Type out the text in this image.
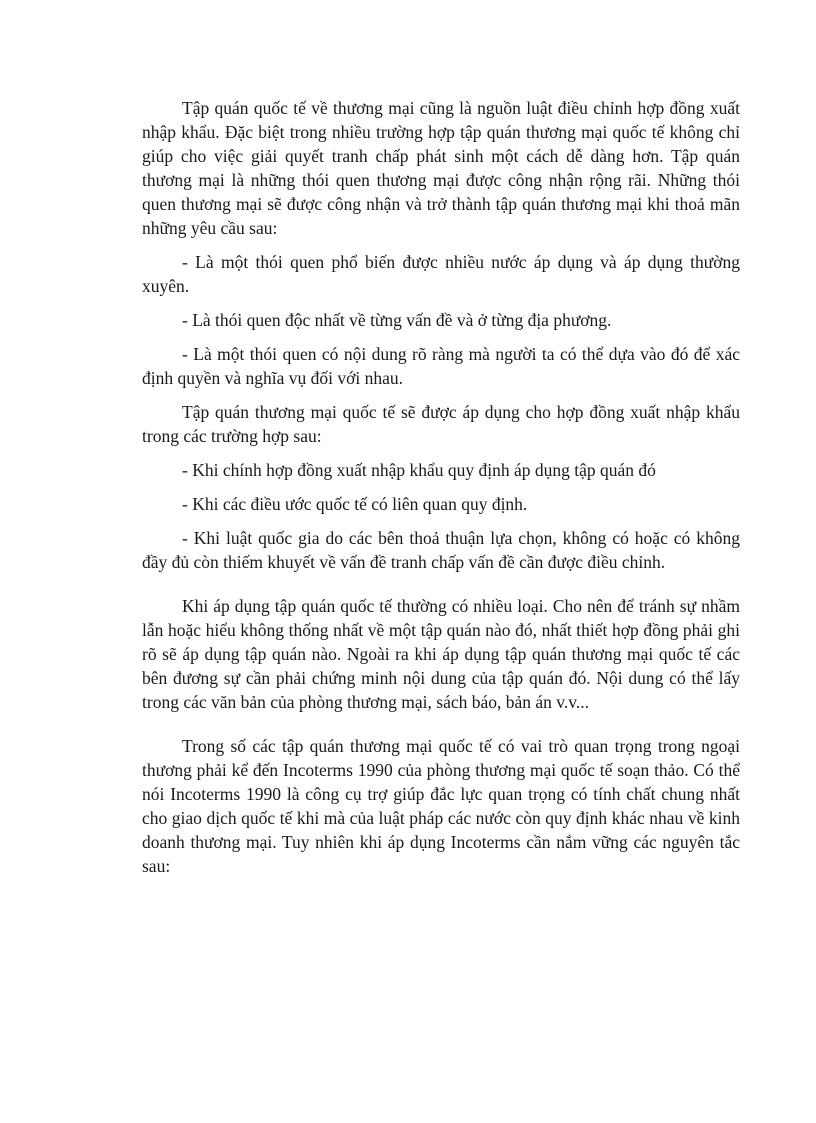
Tập quán quốc tế về thương mại cũng là nguồn luật điều chỉnh hợp đồng xuất nhập khẩu. Đặc biệt trong nhiều trường hợp tập quán thương mại quốc tế không chỉ giúp cho việc giải quyết tranh chấp phát sinh một cách dễ dàng hơn. Tập quán thương mại là những thói quen thương mại được công nhận rộng rãi. Những thói quen thương mại sẽ được công nhận và trở thành tập quán thương mại khi thoả mãn những yêu cầu sau:

- Là một thói quen phổ biến được nhiều nước áp dụng và áp dụng thường xuyên.

- Là thói quen độc nhất về từng vấn đề và ở từng địa phương.

- Là một thói quen có nội dung rõ ràng mà người ta có thể dựa vào đó để xác định quyền và nghĩa vụ đối với nhau.

Tập quán thương mại quốc tế sẽ được áp dụng cho hợp đồng xuất nhập khẩu trong các trường hợp sau:

- Khi chính hợp đồng xuất nhập khẩu quy định áp dụng tập quán đó

- Khi các điều ước quốc tế có liên quan quy định.

- Khi luật quốc gia do các bên thoả thuận lựa chọn, không có hoặc có không đầy đủ còn thiếm khuyết về vấn đề tranh chấp vấn đề cần được điều chỉnh.

Khi áp dụng tập quán quốc tế thường có nhiều loại. Cho nên để tránh sự nhầm lẫn hoặc hiểu không thống nhất về một tập quán nào đó, nhất thiết hợp đồng phải ghi rõ sẽ áp dụng tập quán nào. Ngoài ra khi áp dụng tập quán thương mại quốc tế các bên đương sự cần phải chứng minh nội dung của tập quán đó. Nội dung có thể lấy trong các văn bản của phòng thương mại, sách báo, bản án v.v...

Trong số các tập quán thương mại quốc tế có vai trò quan trọng trong ngoại thương phải kể đến Incoterms 1990 của phòng thương mại quốc tế soạn thảo. Có thể nói Incoterms 1990 là công cụ trợ giúp đắc lực quan trọng có tính chất chung nhất cho giao dịch quốc tế khi mà của luật pháp các nước còn quy định khác nhau về kinh doanh thương mại. Tuy nhiên khi áp dụng Incoterms cần nắm vững các nguyên tắc sau:
